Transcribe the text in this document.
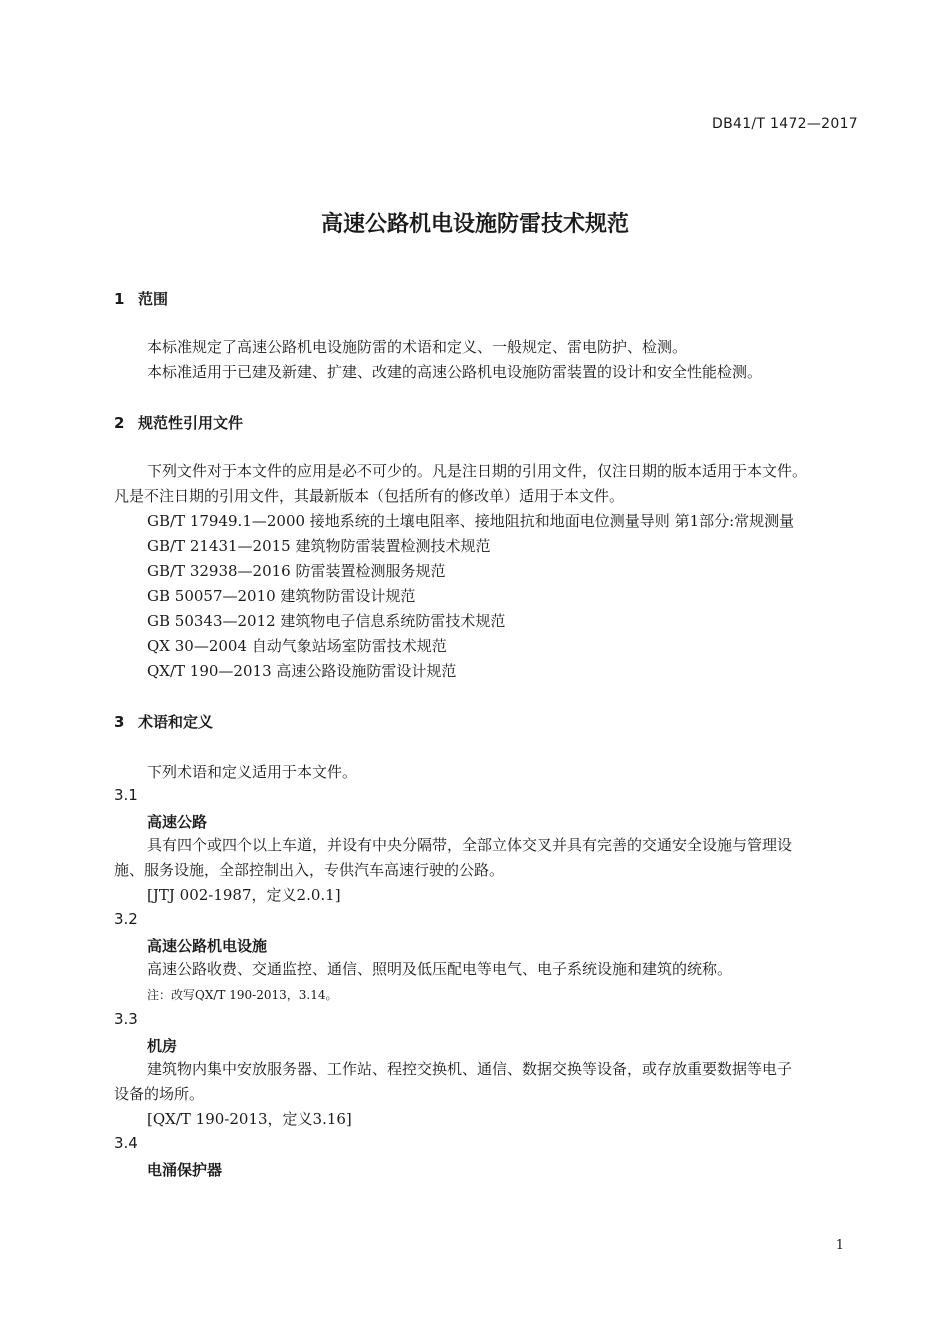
DB41/T 1472—2017
高速公路机电设施防雷技术规范
1 范围
本标准规定了高速公路机电设施防雷的术语和定义、一般规定、雷电防护、检测。
本标准适用于已建及新建、扩建、改建的高速公路机电设施防雷装置的设计和安全性能检测。
2 规范性引用文件
下列文件对于本文件的应用是必不可少的。凡是注日期的引用文件，仅注日期的版本适用于本文件。
凡是不注日期的引用文件，其最新版本（包括所有的修改单）适用于本文件。
GB/T 17949.1—2000 接地系统的土壤电阻率、接地阻抗和地面电位测量导则 第1部分:常规测量
GB/T 21431—2015 建筑物防雷装置检测技术规范
GB/T 32938—2016 防雷装置检测服务规范
GB 50057—2010 建筑物防雷设计规范
GB 50343—2012 建筑物电子信息系统防雷技术规范
QX 30—2004 自动气象站场室防雷技术规范
QX/T 190—2013 高速公路设施防雷设计规范
3 术语和定义
下列术语和定义适用于本文件。
3.1
高速公路
具有四个或四个以上车道，并设有中央分隔带，全部立体交叉并具有完善的交通安全设施与管理设
施、服务设施，全部控制出入，专供汽车高速行驶的公路。
[JTJ 002-1987，定义2.0.1]
3.2
高速公路机电设施
高速公路收费、交通监控、通信、照明及低压配电等电气、电子系统设施和建筑的统称。
注：改写QX/T 190-2013，3.14。
3.3
机房
建筑物内集中安放服务器、工作站、程控交换机、通信、数据交换等设备，或存放重要数据等电子
设备的场所。
[QX/T 190-2013，定义3.16]
3.4
电涌保护器
1
